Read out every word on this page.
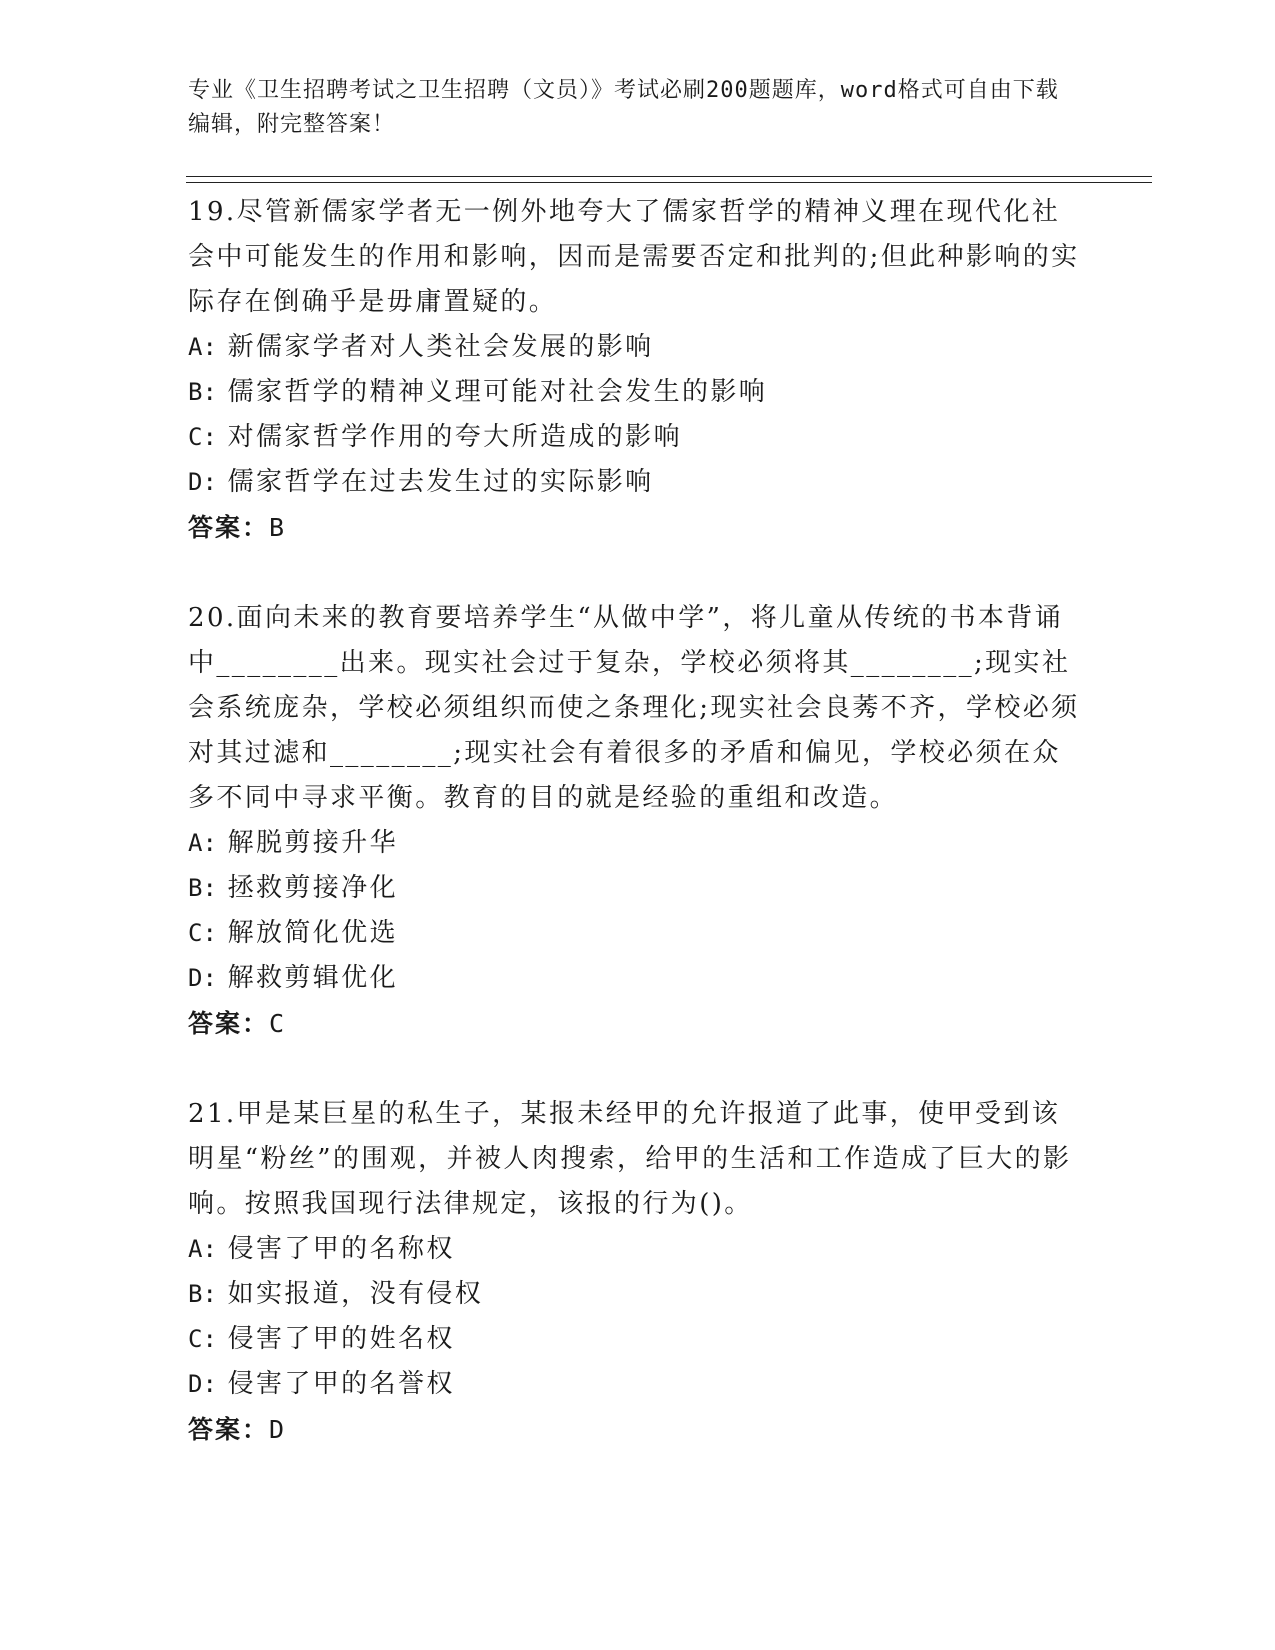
专业《卫生招聘考试之卫生招聘（文员）》考试必刷200题题库，word格式可自由下载编辑，附完整答案！

19.尽管新儒家学者无一例外地夸大了儒家哲学的精神义理在现代化社会中可能发生的作用和影响，因而是需要否定和批判的;但此种影响的实际存在倒确乎是毋庸置疑的。

A: 新儒家学者对人类社会发展的影响

B: 儒家哲学的精神义理可能对社会发生的影响

C: 对儒家哲学作用的夸大所造成的影响

D: 儒家哲学在过去发生过的实际影响

答案：B

20.面向未来的教育要培养学生“从做中学”，将儿童从传统的书本背诵中________出来。现实社会过于复杂，学校必须将其________;现实社会系统庞杂，学校必须组织而使之条理化;现实社会良莠不齐，学校必须对其过滤和________;现实社会有着很多的矛盾和偏见，学校必须在众多不同中寻求平衡。教育的目的就是经验的重组和改造。

A: 解脱剪接升华

B: 拯救剪接净化

C: 解放简化优选

D: 解救剪辑优化

答案：C

21.甲是某巨星的私生子，某报未经甲的允许报道了此事，使甲受到该明星“粉丝”的围观，并被人肉搜索，给甲的生活和工作造成了巨大的影响。按照我国现行法律规定，该报的行为()。

A: 侵害了甲的名称权

B: 如实报道，没有侵权

C: 侵害了甲的姓名权

D: 侵害了甲的名誉权

答案：D
